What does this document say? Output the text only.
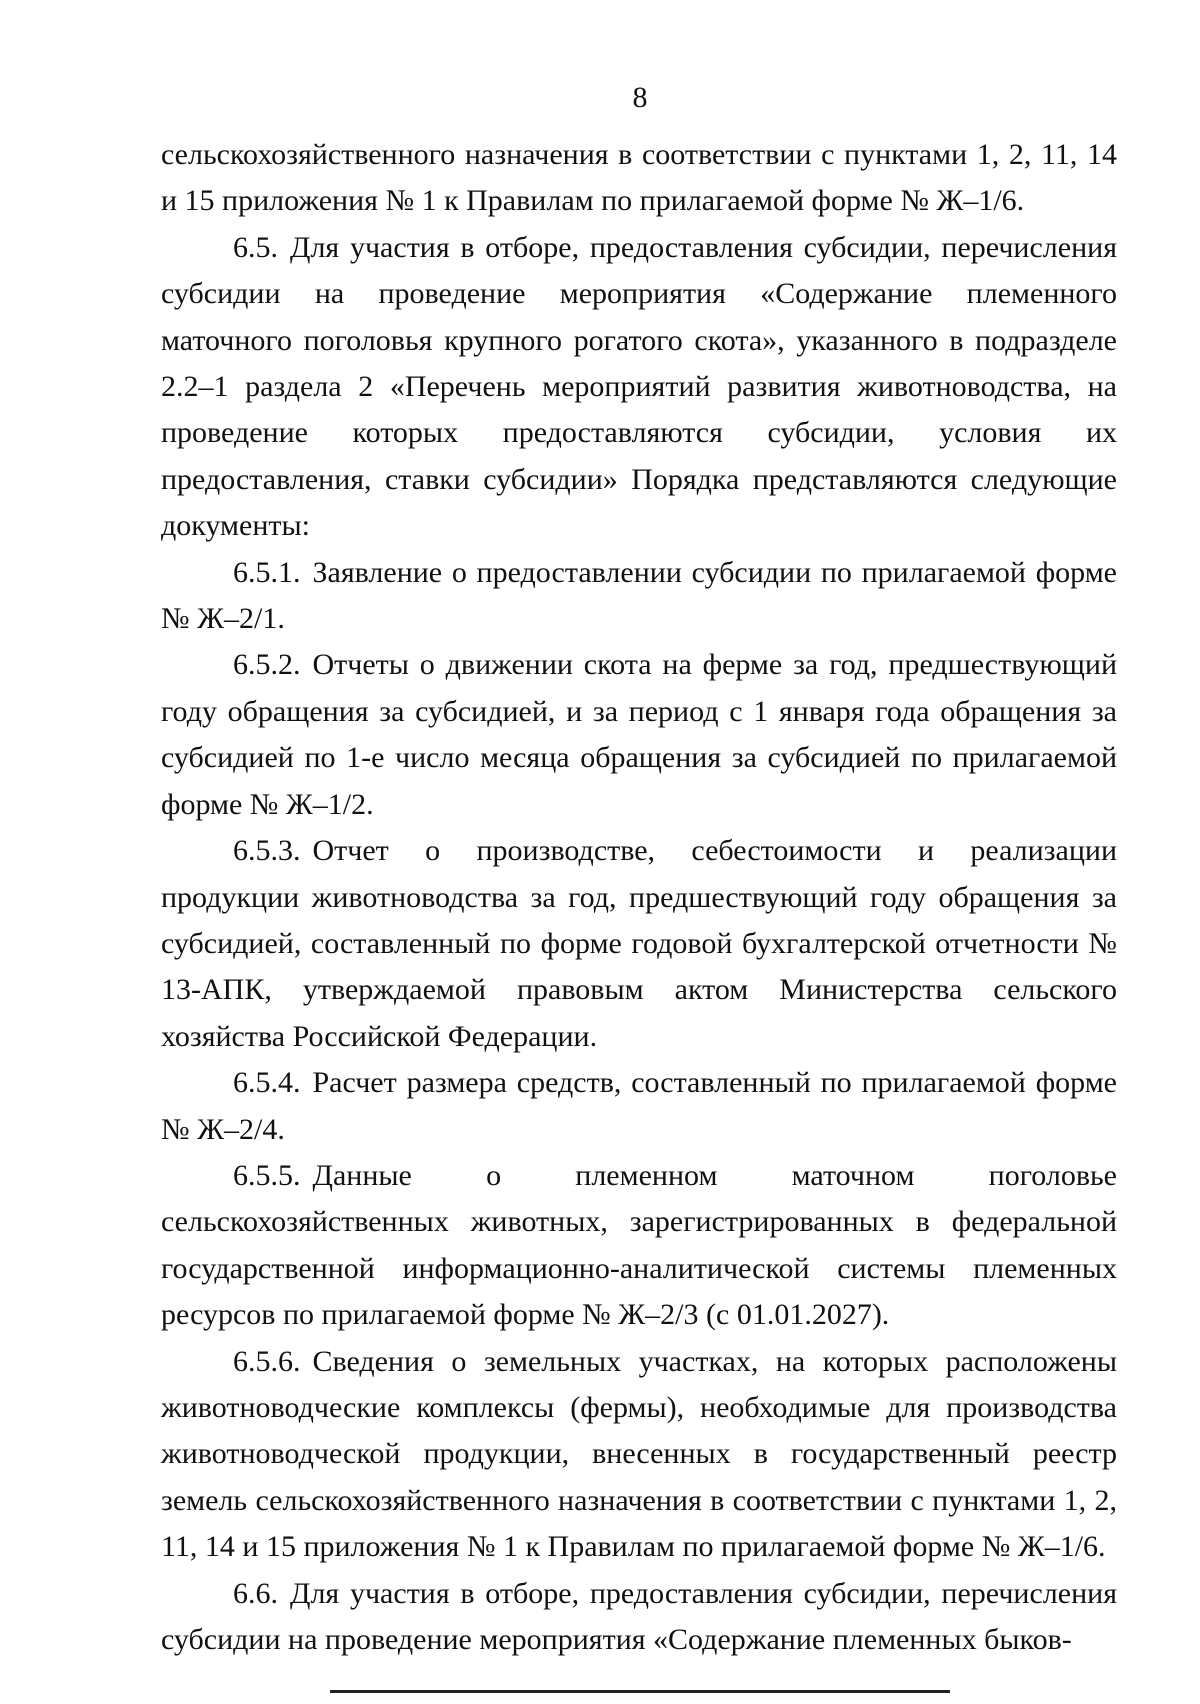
8

сельскохозяйственного назначения в соответствии с пунктами 1, 2, 11, 14 и 15 приложения № 1 к Правилам по прилагаемой форме № Ж–1/6.

6.5. Для участия в отборе, предоставления субсидии, перечисления субсидии на проведение мероприятия «Содержание племенного маточного поголовья крупного рогатого скота», указанного в подразделе 2.2–1 раздела 2 «Перечень мероприятий развития животноводства, на проведение которых предоставляются субсидии, условия их предоставления, ставки субсидии» Порядка представляются следующие документы:

6.5.1. Заявление о предоставлении субсидии по прилагаемой форме № Ж–2/1.

6.5.2. Отчеты о движении скота на ферме за год, предшествующий году обращения за субсидией, и за период с 1 января года обращения за субсидией по 1-е число месяца обращения за субсидией по прилагаемой форме № Ж–1/2.

6.5.3. Отчет о производстве, себестоимости и реализации продукции животноводства за год, предшествующий году обращения за субсидией, составленный по форме годовой бухгалтерской отчетности № 13-АПК, утверждаемой правовым актом Министерства сельского хозяйства Российской Федерации.

6.5.4. Расчет размера средств, составленный по прилагаемой форме № Ж–2/4.

6.5.5. Данные о племенном маточном поголовье сельскохозяйственных животных, зарегистрированных в федеральной государственной информационно-аналитической системы племенных ресурсов по прилагаемой форме № Ж–2/3 (с 01.01.2027).

6.5.6. Сведения о земельных участках, на которых расположены животноводческие комплексы (фермы), необходимые для производства животноводческой продукции, внесенных в государственный реестр земель сельскохозяйственного назначения в соответствии с пунктами 1, 2, 11, 14 и 15 приложения № 1 к Правилам по прилагаемой форме № Ж–1/6.

6.6. Для участия в отборе, предоставления субсидии, перечисления субсидии на проведение мероприятия «Содержание племенных быков-
